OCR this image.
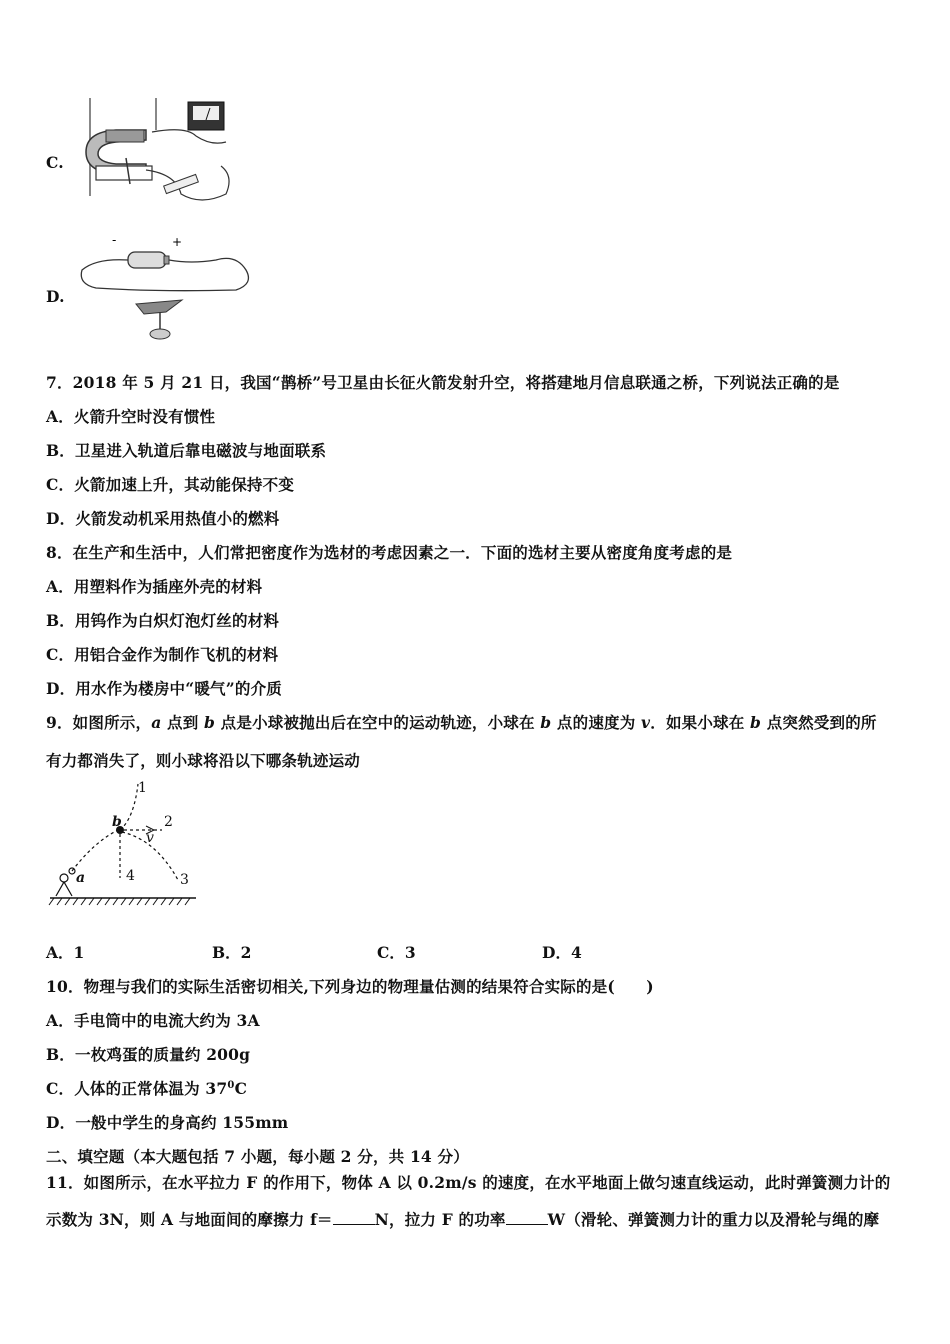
C.
D.
-	+
7．2018 年 5 月 21 日，我国“鹊桥”号卫星由长征火箭发射升空，将搭建地月信息联通之桥，下列说法正确的是
A．火箭升空时没有惯性
B．卫星进入轨道后靠电磁波与地面联系
C．火箭加速上升，其动能保持不变
D．火箭发动机采用热值小的燃料
8．在生产和生活中，人们常把密度作为选材的考虑因素之一．下面的选材主要从密度角度考虑的是
A．用塑料作为插座外壳的材料
B．用钨作为白炽灯泡灯丝的材料
C．用铝合金作为制作飞机的材料
D．用水作为楼房中“暖气”的介质
9．如图所示，a 点到 b 点是小球被抛出后在空中的运动轨迹，小球在 b 点的速度为 v．如果小球在 b 点突然受到的所
有力都消失了，则小球将沿以下哪条轨迹运动
1
2
3
4
b
v
a
A．1	B．2	C．3	D．4
10．物理与我们的实际生活密切相关,下列身边的物理量估测的结果符合实际的是(　　)
A．手电筒中的电流大约为 3A
B．一枚鸡蛋的质量约 200g
C．人体的正常体温为 $37^0C$
D．一般中学生的身高约 155mm
二、填空题（本大题包括 7 小题，每小题 2 分，共 14 分）
11．如图所示，在水平拉力 F 的作用下，物体 A 以 0.2m/s 的速度，在水平地面上做匀速直线运动，此时弹簧测力计的
示数为 3N，则 A 与地面间的摩擦力 f＝	N，拉力 F 的功率	W（滑轮、弹簧测力计的重力以及滑轮与绳的摩
